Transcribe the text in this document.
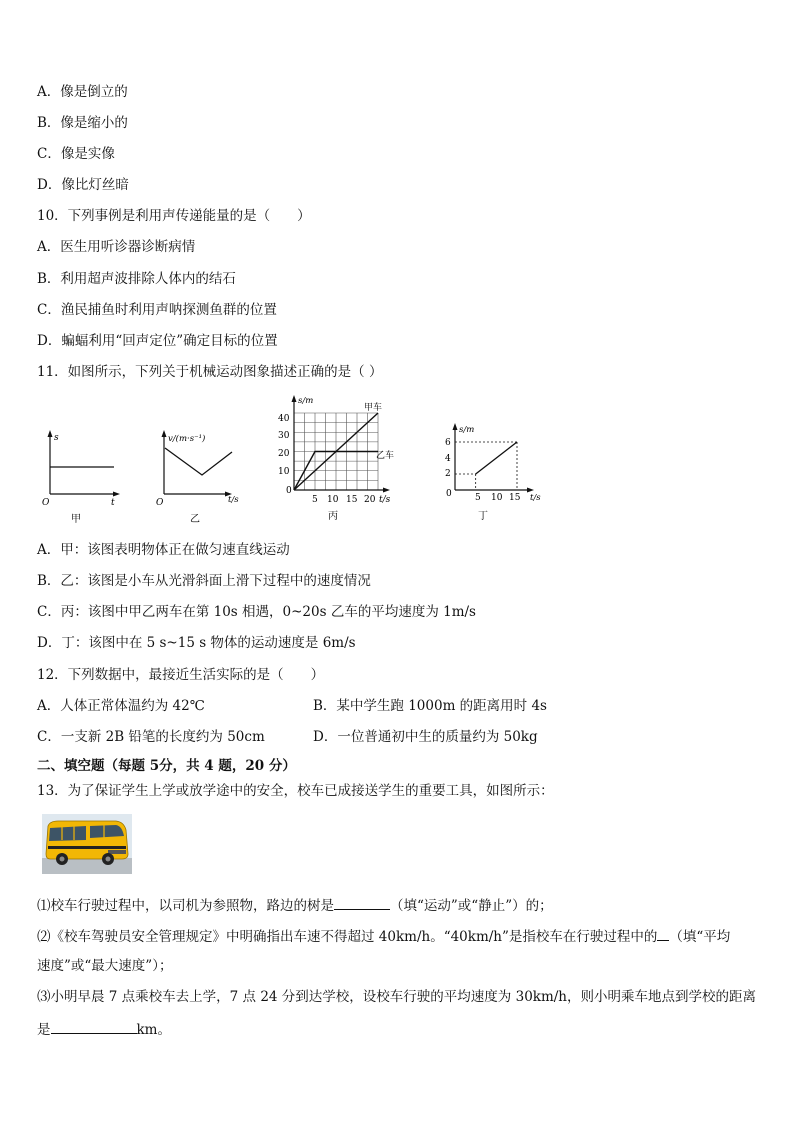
A．像是倒立的
B．像是缩小的
C．像是实像
D．像比灯丝暗
10．下列事例是利用声传递能量的是（　　）
A．医生用听诊器诊断病情
B．利用超声波排除人体内的结石
C．渔民捕鱼时利用声呐探测鱼群的位置
D．蝙蝠利用“回声定位”确定目标的位置
11．如图所示，下列关于机械运动图象描述正确的是（ ）
s
t
O
甲
v/(m·s⁻¹)
t/s
O
乙
s/m
甲车
乙车
40
30
20
10
0
5 10 15 20 t/s
丙
s/m
6
4
2
0	5 10 15 t/s
丁
A．甲：该图表明物体正在做匀速直线运动
B．乙：该图是小车从光滑斜面上滑下过程中的速度情况
C．丙：该图中甲乙两车在第 10s 相遇，0~20s 乙车的平均速度为 1m/s
D．丁：该图中在 5 s~15 s 物体的运动速度是 6m/s
12．下列数据中，最接近生活实际的是（　　）
A．人体正常体温约为 42℃	B．某中学生跑 1000m 的距离用时 4s
C．一支新 2B 铅笔的长度约为 50cm	D．一位普通初中生的质量约为 50kg
二、填空题（每题 5分，共 4 题，20 分）
13．为了保证学生上学或放学途中的安全，校车已成接送学生的重要工具，如图所示：
⑴校车行驶过程中，以司机为参照物，路边的树是	（填“运动”或“静止”）的；
⑵《校车驾驶员安全管理规定》中明确指出车速不得超过 40km/h。“40km/h”是指校车在行驶过程中的 （填“平均
速度”或“最大速度”）；
⑶小明早晨 7 点乘校车去上学，7 点 24 分到达学校，设校车行驶的平均速度为 30km/h，则小明乘车地点到学校的距离
是	km。
